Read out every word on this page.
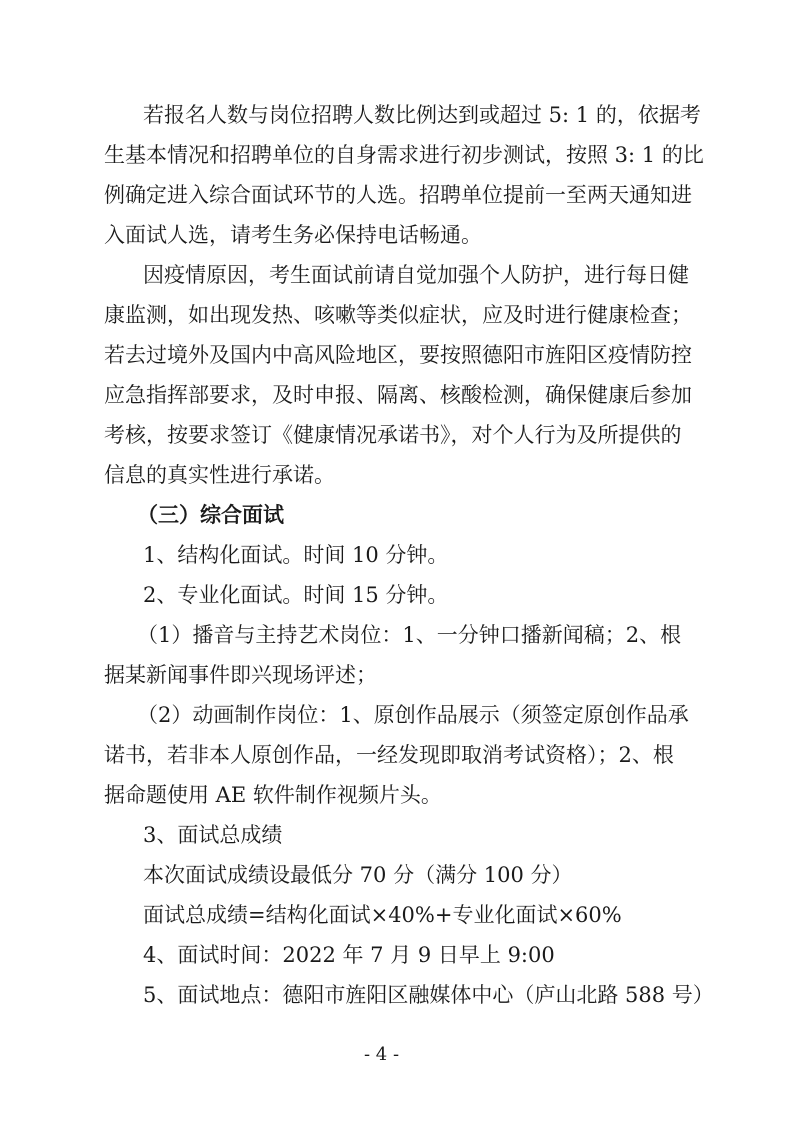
若报名人数与岗位招聘人数比例达到或超过 5: 1 的，依据考
生基本情况和招聘单位的自身需求进行初步测试，按照 3: 1 的比
例确定进入综合面试环节的人选。招聘单位提前一至两天通知进
入面试人选，请考生务必保持电话畅通。
因疫情原因，考生面试前请自觉加强个人防护，进行每日健
康监测，如出现发热、咳嗽等类似症状，应及时进行健康检查；
若去过境外及国内中高风险地区，要按照德阳市旌阳区疫情防控
应急指挥部要求，及时申报、隔离、核酸检测，确保健康后参加
考核，按要求签订《健康情况承诺书》，对个人行为及所提供的
信息的真实性进行承诺。
（三）综合面试
1、结构化面试。时间 10 分钟。
2、专业化面试。时间 15 分钟。
（1）播音与主持艺术岗位：1、一分钟口播新闻稿；2、根
据某新闻事件即兴现场评述；
（2）动画制作岗位：1、原创作品展示（须签定原创作品承
诺书，若非本人原创作品，一经发现即取消考试资格）；2、根
据命题使用 AE 软件制作视频片头。
3、面试总成绩
本次面试成绩设最低分 70 分（满分 100 分）
面试总成绩=结构化面试×40%+专业化面试×60%
4、面试时间：2022 年 7 月 9 日早上 9:00
5、面试地点：德阳市旌阳区融媒体中心（庐山北路 588 号）
- 4 -
